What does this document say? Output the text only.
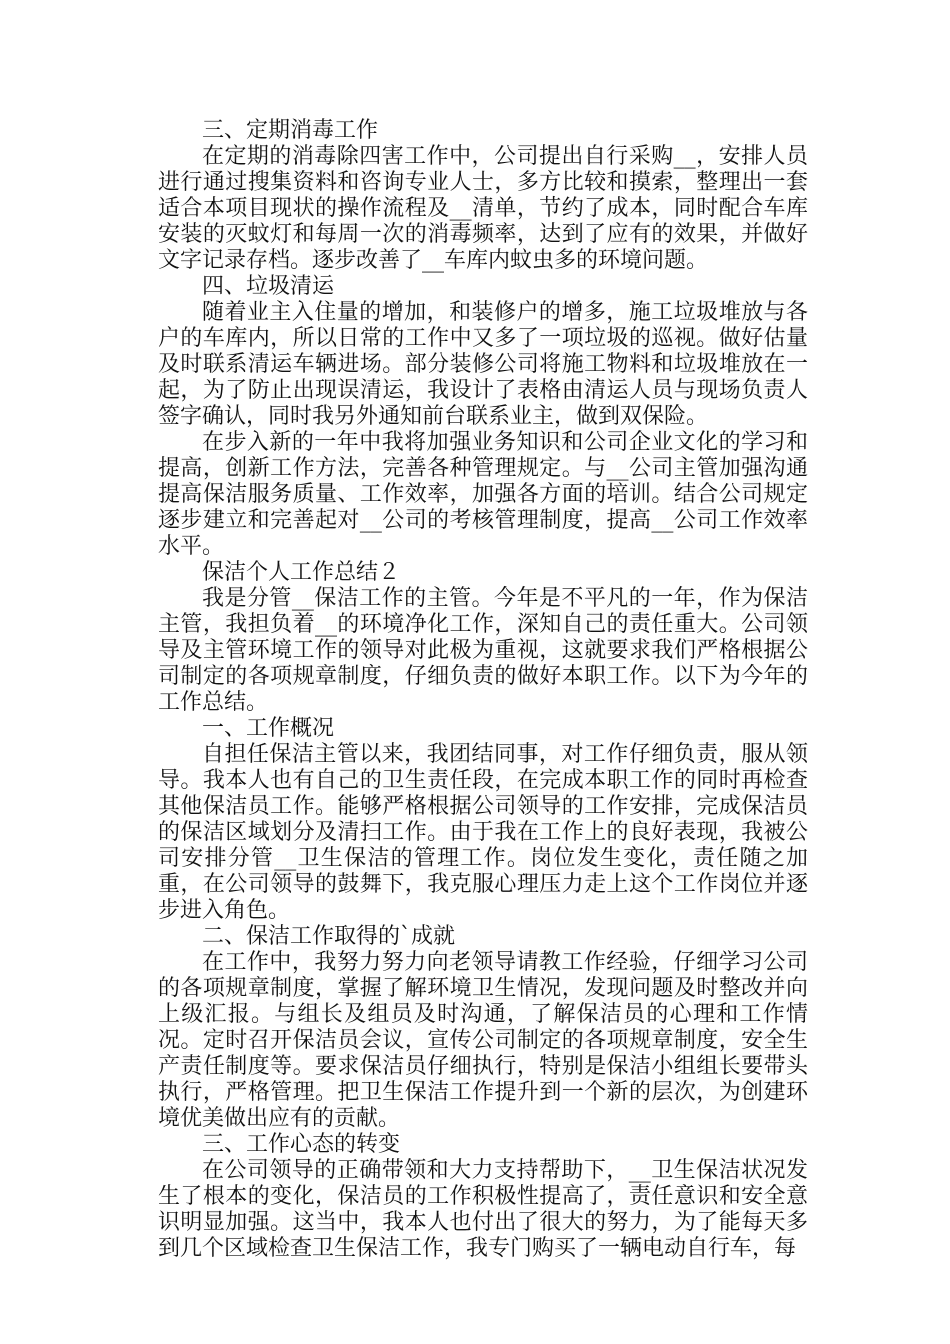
三、定期消毒工作

在定期的消毒除四害工作中，公司提出自行采购__，安排人员进行通过搜集资料和咨询专业人士，多方比较和摸索，整理出一套适合本项目现状的操作流程及__清单，节约了成本，同时配合车库安装的灭蚊灯和每周一次的消毒频率，达到了应有的效果，并做好文字记录存档。逐步改善了__车库内蚊虫多的环境问题。

四、垃圾清运

随着业主入住量的增加，和装修户的增多，施工垃圾堆放与各户的车库内，所以日常的工作中又多了一项垃圾的巡视。做好估量及时联系清运车辆进场。部分装修公司将施工物料和垃圾堆放在一起，为了防止出现误清运，我设计了表格由清运人员与现场负责人签字确认，同时我另外通知前台联系业主，做到双保险。

在步入新的一年中我将加强业务知识和公司企业文化的学习和提高，创新工作方法，完善各种管理规定。与__公司主管加强沟通提高保洁服务质量、工作效率，加强各方面的培训。结合公司规定逐步建立和完善起对__公司的考核管理制度，提高__公司工作效率水平。

保洁个人工作总结２

我是分管__保洁工作的主管。今年是不平凡的一年，作为保洁主管，我担负着__的环境净化工作，深知自己的责任重大。公司领导及主管环境工作的领导对此极为重视，这就要求我们严格根据公司制定的各项规章制度，仔细负责的做好本职工作。以下为今年的工作总结。

一、工作概况

自担任保洁主管以来，我团结同事，对工作仔细负责，服从领导。我本人也有自己的卫生责任段，在完成本职工作的同时再检查其他保洁员工作。能够严格根据公司领导的工作安排，完成保洁员的保洁区域划分及清扫工作。由于我在工作上的良好表现，我被公司安排分管__卫生保洁的管理工作。岗位发生变化，责任随之加重，在公司领导的鼓舞下，我克服心理压力走上这个工作岗位并逐步进入角色。

二、保洁工作取得的`成就

在工作中，我努力努力向老领导请教工作经验，仔细学习公司的各项规章制度，掌握了解环境卫生情况，发现问题及时整改并向上级汇报。与组长及组员及时沟通，了解保洁员的心理和工作情况。定时召开保洁员会议，宣传公司制定的各项规章制度，安全生产责任制度等。要求保洁员仔细执行，特别是保洁小组组长要带头执行，严格管理。把卫生保洁工作提升到一个新的层次，为创建环境优美做出应有的贡献。

三、工作心态的转变

在公司领导的正确带领和大力支持帮助下，__卫生保洁状况发生了根本的变化，保洁员的工作积极性提高了，责任意识和安全意识明显加强。这当中，我本人也付出了很大的努力，为了能每天多到几个区域检查卫生保洁工作，我专门购买了一辆电动自行车，每
